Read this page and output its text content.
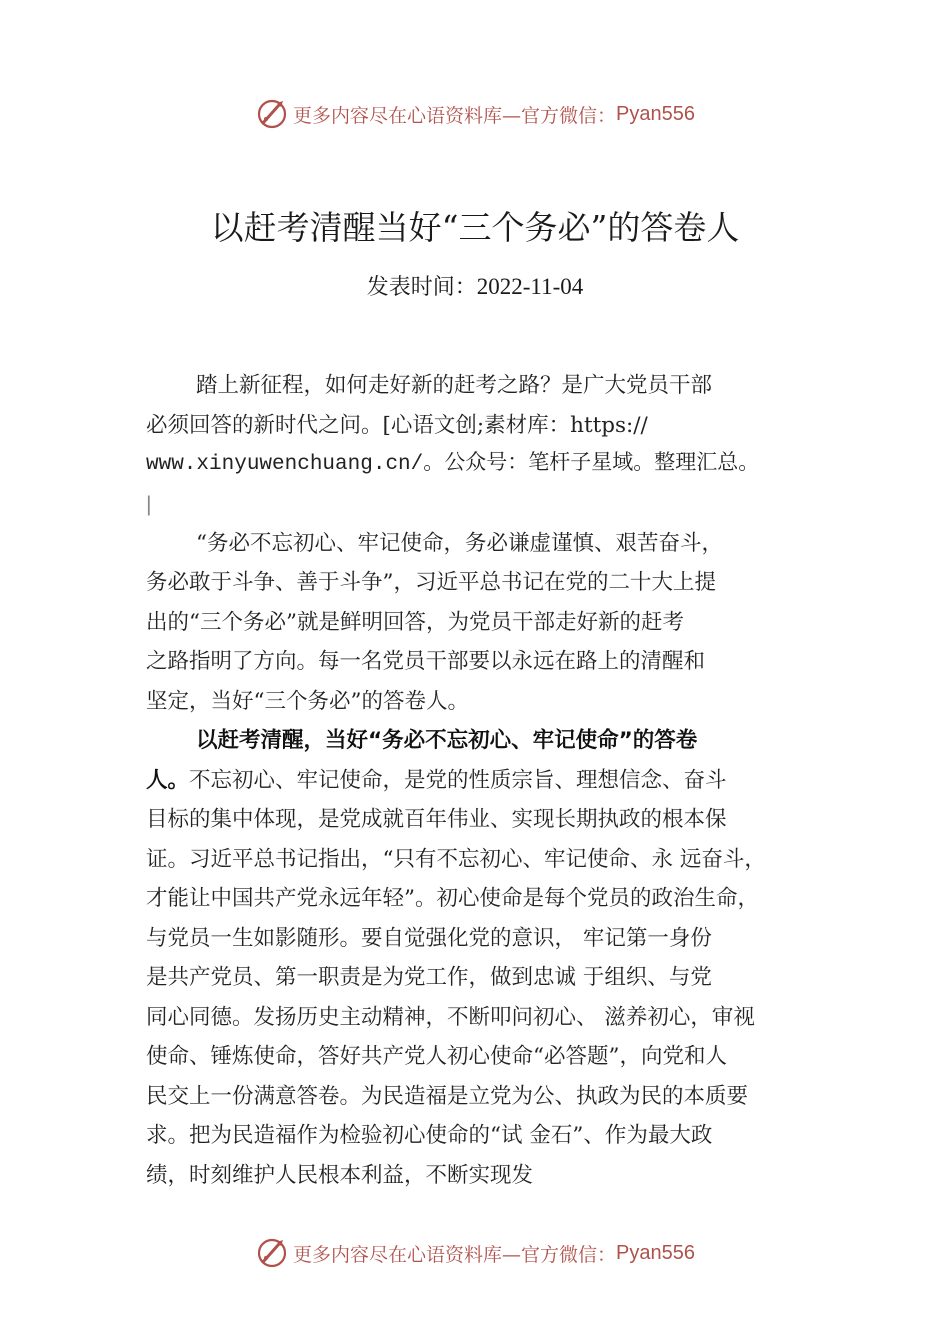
更多内容尽在心语资料库—官方微信： Pyan556
以赶考清醒当好“三个务必”的答卷人
发表时间：2022-11-04
踏上新征程，如何走好新的赶考之路？是广大党员干部
必须回答的新时代之问。[心语文创;素材库：https://
www.xinyuwenchuang.cn/。公众号：笔杆子星域。整理汇总。
|
“务必不忘初心、牢记使命，务必谦虚谨慎、艰苦奋斗，
务必敢于斗争、善于斗争”，习近平总书记在党的二十大上提
出的“三个务必”就是鲜明回答，为党员干部走好新的赶考
之路指明了方向。每一名党员干部要以永远在路上的清醒和
坚定，当好“三个务必”的答卷人。
以赶考清醒，当好“务必不忘初心、牢记使命”的答卷
人。不忘初心、牢记使命，是党的性质宗旨、理想信念、奋斗
目标的集中体现，是党成就百年伟业、实现长期执政的根本保
证。习近平总书记指出，“只有不忘初心、牢记使命、永 远奋斗，
才能让中国共产党永远年轻”。初心使命是每个党员的政治生命，
与党员一生如影随形。要自觉强化党的意识， 牢记第一身份
是共产党员、第一职责是为党工作，做到忠诚 于组织、与党
同心同德。发扬历史主动精神，不断叩问初心、 滋养初心，审视
使命、锤炼使命，答好共产党人初心使命“必答题”，向党和人
民交上一份满意答卷。为民造福是立党为公、执政为民的本质要
求。把为民造福作为检验初心使命的“试 金石”、作为最大政
绩，时刻维护人民根本利益，不断实现发
更多内容尽在心语资料库—官方微信： Pyan556
